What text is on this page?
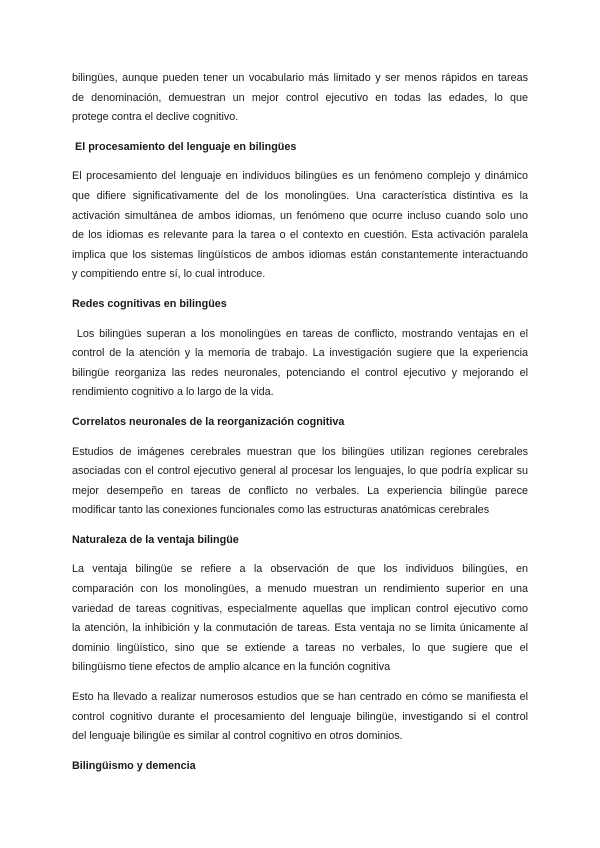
bilingües, aunque pueden tener un vocabulario más limitado y ser menos rápidos en tareas
de denominación, demuestran un mejor control ejecutivo en todas las edades, lo que
protege contra el declive cognitivo.
El procesamiento del lenguaje en bilingües
El procesamiento del lenguaje en individuos bilingües es un fenómeno complejo y dinámico
que difiere significativamente del de los monolingües. Una característica distintiva es la
activación simultánea de ambos idiomas, un fenómeno que ocurre incluso cuando solo uno
de los idiomas es relevante para la tarea o el contexto en cuestión. Esta activación paralela
implica que los sistemas lingüísticos de ambos idiomas están constantemente interactuando
y compitiendo entre sí, lo cual introduce.
Redes cognitivas en bilingües
Los bilingües superan a los monolingües en tareas de conflicto, mostrando ventajas en el
control de la atención y la memoria de trabajo. La investigación sugiere que la experiencia
bilingüe reorganiza las redes neuronales, potenciando el control ejecutivo y mejorando el
rendimiento cognitivo a lo largo de la vida.
Correlatos neuronales de la reorganización cognitiva
Estudios de imágenes cerebrales muestran que los bilingües utilizan regiones cerebrales
asociadas con el control ejecutivo general al procesar los lenguajes, lo que podría explicar su
mejor desempeño en tareas de conflicto no verbales. La experiencia bilingüe parece
modificar tanto las conexiones funcionales como las estructuras anatómicas cerebrales
Naturaleza de la ventaja bilingüe
La ventaja bilingüe se refiere a la observación de que los individuos bilingües, en
comparación con los monolingües, a menudo muestran un rendimiento superior en una
variedad de tareas cognitivas, especialmente aquellas que implican control ejecutivo como
la atención, la inhibición y la conmutación de tareas. Esta ventaja no se limita únicamente al
dominio lingüístico, sino que se extiende a tareas no verbales, lo que sugiere que el
bilingüismo tiene efectos de amplio alcance en la función cognitiva
Esto ha llevado a realizar numerosos estudios que se han centrado en cómo se manifiesta el
control cognitivo durante el procesamiento del lenguaje bilingüe, investigando si el control
del lenguaje bilingüe es similar al control cognitivo en otros dominios.
Bilingüismo y demencia
